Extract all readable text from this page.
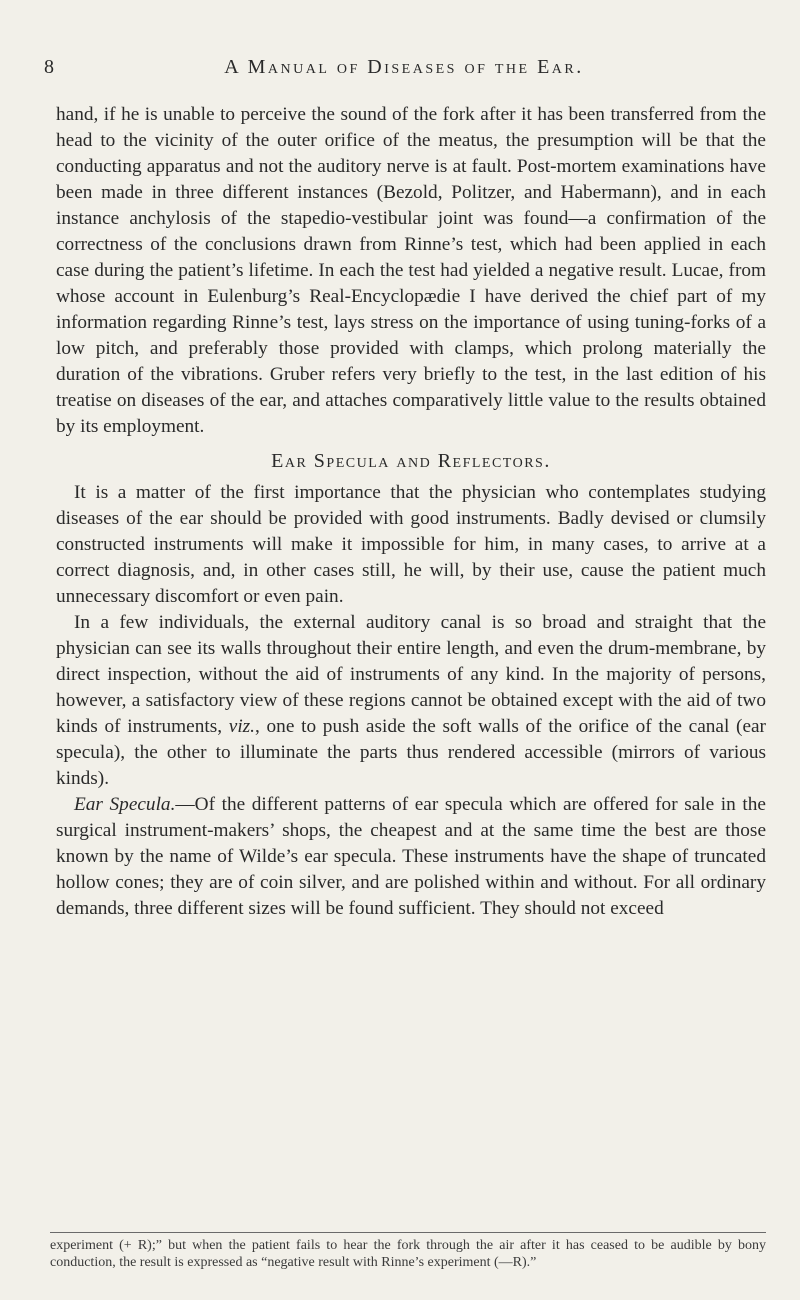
8	A Manual of Diseases of the Ear.

hand, if he is unable to perceive the sound of the fork after it has been transferred from the head to the vicinity of the outer orifice of the meatus, the presumption will be that the conducting apparatus and not the auditory nerve is at fault. Post-mortem examinations have been made in three different instances (Bezold, Politzer, and Habermann), and in each instance anchylosis of the stapedio-vestibular joint was found—a confirmation of the correctness of the conclusions drawn from Rinne’s test, which had been applied in each case during the patient’s lifetime. In each the test had yielded a negative result. Lucae, from whose account in Eulenburg’s Real-Encyclopædie I have derived the chief part of my information regarding Rinne’s test, lays stress on the importance of using tuning-forks of a low pitch, and preferably those provided with clamps, which prolong materially the duration of the vibrations. Gruber refers very briefly to the test, in the last edition of his treatise on diseases of the ear, and attaches comparatively little value to the results obtained by its employment.

Ear Specula and Reflectors.

It is a matter of the first importance that the physician who contemplates studying diseases of the ear should be provided with good instruments. Badly devised or clumsily constructed instruments will make it impossible for him, in many cases, to arrive at a correct diagnosis, and, in other cases still, he will, by their use, cause the patient much unnecessary discomfort or even pain.

In a few individuals, the external auditory canal is so broad and straight that the physician can see its walls throughout their entire length, and even the drum-membrane, by direct inspection, without the aid of instruments of any kind. In the majority of persons, however, a satisfactory view of these regions cannot be obtained except with the aid of two kinds of instruments, viz., one to push aside the soft walls of the orifice of the canal (ear specula), the other to illuminate the parts thus rendered accessible (mirrors of various kinds).

Ear Specula.—Of the different patterns of ear specula which are offered for sale in the surgical instrument-makers’ shops, the cheapest and at the same time the best are those known by the name of Wilde’s ear specula. These instruments have the shape of truncated hollow cones; they are of coin silver, and are polished within and without. For all ordinary demands, three different sizes will be found sufficient. They should not exceed

experiment (+ R);” but when the patient fails to hear the fork through the air after it has ceased to be audible by bony conduction, the result is expressed as “negative result with Rinne’s experiment (—R).”
